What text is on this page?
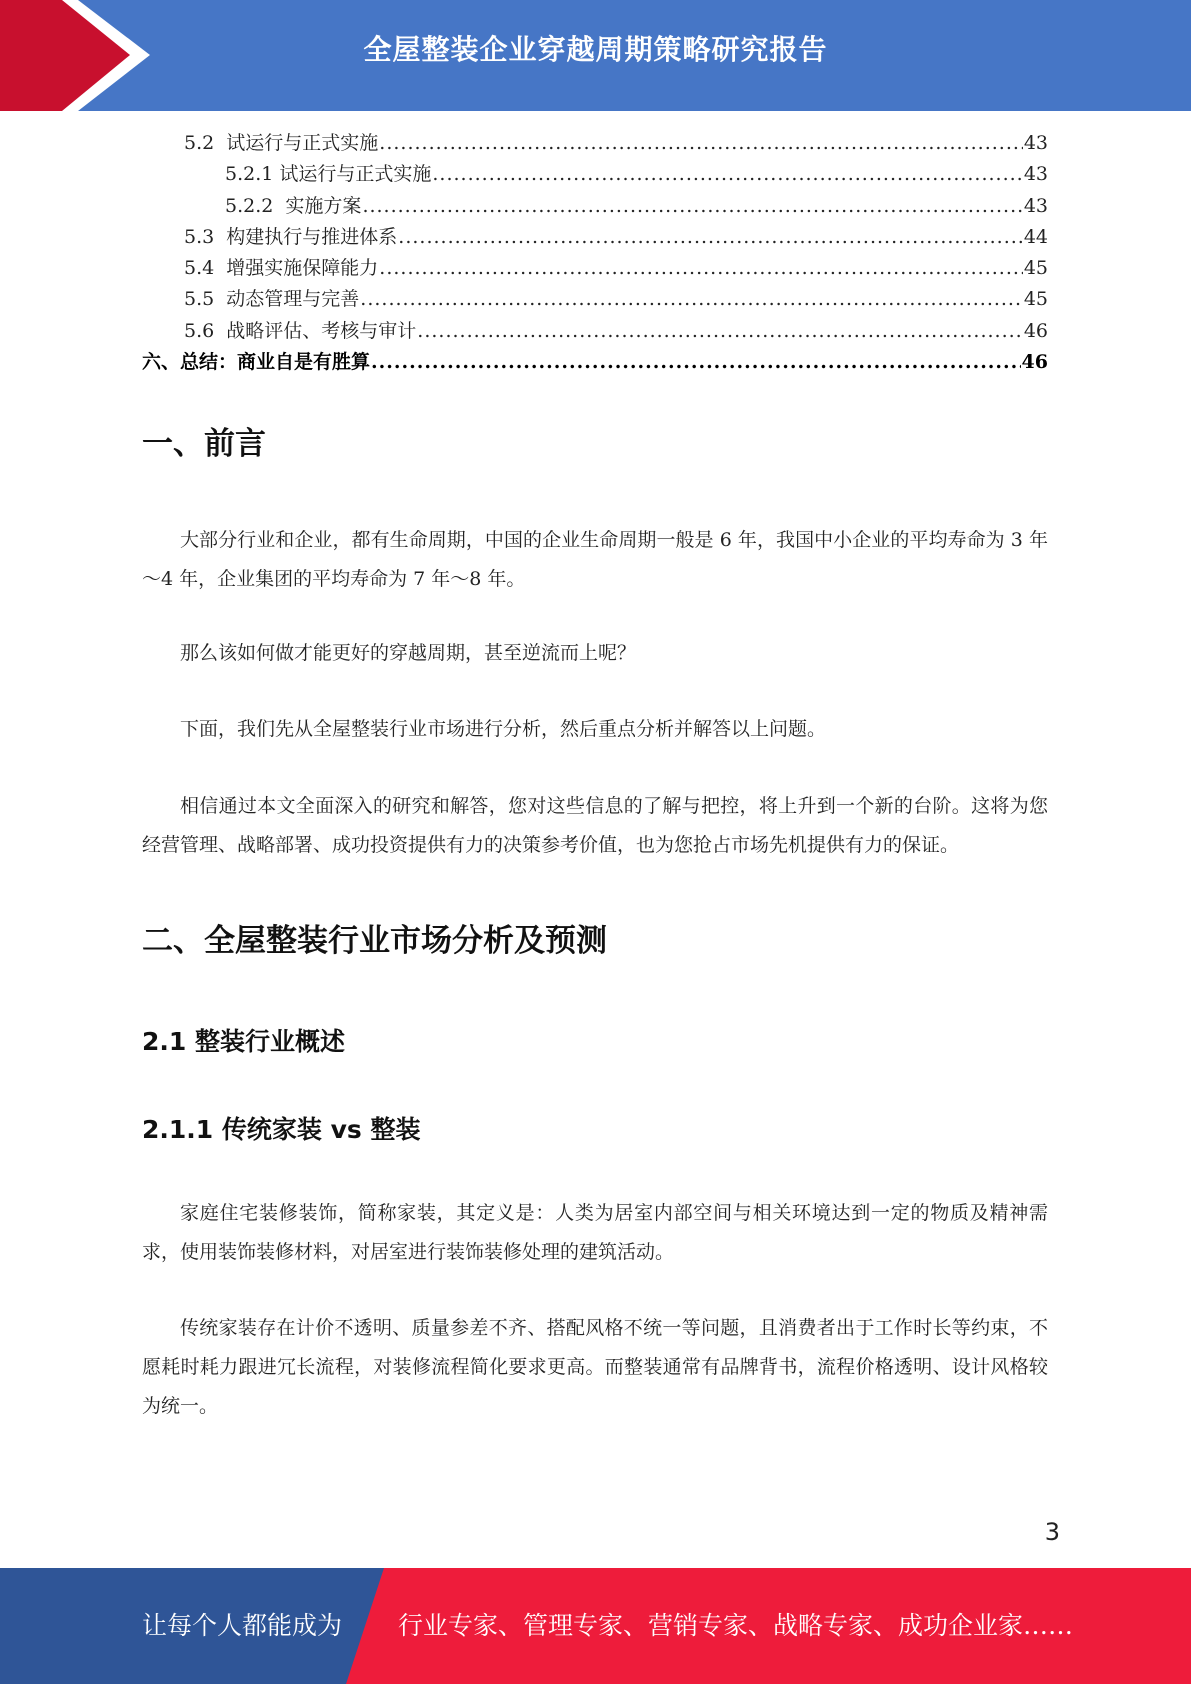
全屋整装企业穿越周期策略研究报告
5.2  试运行与正式实施 .....	43
5.2.1 试运行与正式实施 .....	43
5.2.2  实施方案 .....	43
5.3  构建执行与推进体系 .....	44
5.4  增强实施保障能力 .....	45
5.5  动态管理与完善 .....	45
5.6  战略评估、考核与审计 .....	46
六、总结：商业自是有胜算 .....	46
一、前言

大部分行业和企业，都有生命周期，中国的企业生命周期一般是 6 年，我国中小企业的平均寿命为 3 年～4 年，企业集团的平均寿命为 7 年～8 年。

那么该如何做才能更好的穿越周期，甚至逆流而上呢？

下面，我们先从全屋整装行业市场进行分析，然后重点分析并解答以上问题。

相信通过本文全面深入的研究和解答，您对这些信息的了解与把控，将上升到一个新的台阶。这将为您经营管理、战略部署、成功投资提供有力的决策参考价值，也为您抢占市场先机提供有力的保证。

二、全屋整装行业市场分析及预测
2.1 整装行业概述
2.1.1 传统家装 vs 整装

家庭住宅装修装饰，简称家装，其定义是：人类为居室内部空间与相关环境达到一定的物质及精神需求，使用装饰装修材料，对居室进行装饰装修处理的建筑活动。

传统家装存在计价不透明、质量参差不齐、搭配风格不统一等问题，且消费者出于工作时长等约束，不愿耗时耗力跟进冗长流程，对装修流程简化要求更高。而整装通常有品牌背书，流程价格透明、设计风格较为统一。

3
让每个人都能成为 行业专家、管理专家、营销专家、战略专家、成功企业家……
